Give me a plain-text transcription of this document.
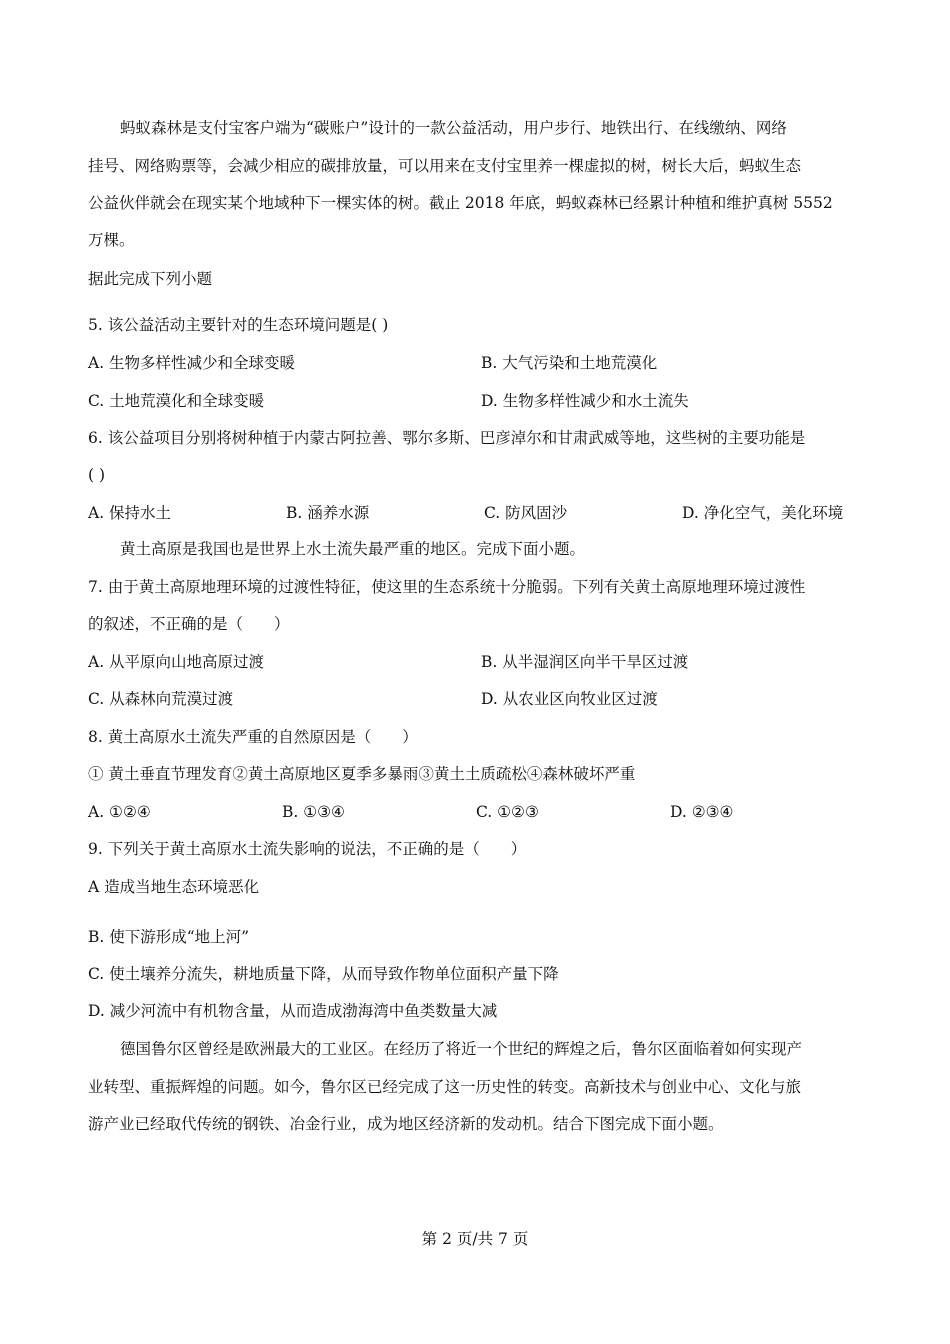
蚂蚁森林是支付宝客户端为“碳账户”设计的一款公益活动，用户步行、地铁出行、在线缴纳、网络
挂号、网络购票等，会减少相应的碳排放量，可以用来在支付宝里养一棵虚拟的树，树长大后，蚂蚁生态
公益伙伴就会在现实某个地域种下一棵实体的树。截止 2018 年底，蚂蚁森林已经累计种植和维护真树 5552
万棵。
据此完成下列小题
5. 该公益活动主要针对的生态环境问题是( )
A. 生物多样性减少和全球变暖	B. 大气污染和土地荒漠化
C. 土地荒漠化和全球变暖	D. 生物多样性减少和水土流失
6. 该公益项目分别将树种植于内蒙古阿拉善、鄂尔多斯、巴彦淖尔和甘肃武威等地，这些树的主要功能是
( )
A. 保持水土	B. 涵养水源	C. 防风固沙	D. 净化空气，美化环境
黄土高原是我国也是世界上水土流失最严重的地区。完成下面小题。
7. 由于黄土高原地理环境的过渡性特征，使这里的生态系统十分脆弱。下列有关黄土高原地理环境过渡性
的叙述，不正确的是（　　）
A. 从平原向山地高原过渡	B. 从半湿润区向半干旱区过渡
C. 从森林向荒漠过渡	D. 从农业区向牧业区过渡
8. 黄土高原水土流失严重的自然原因是（　　）
① 黄土垂直节理发育②黄土高原地区夏季多暴雨③黄土土质疏松④森林破坏严重
A. ①②④	B. ①③④	C. ①②③	D. ②③④
9. 下列关于黄土高原水土流失影响的说法，不正确的是（　　）
A 造成当地生态环境恶化
B. 使下游形成“地上河”
C. 使土壤养分流失，耕地质量下降，从而导致作物单位面积产量下降
D. 减少河流中有机物含量，从而造成渤海湾中鱼类数量大减
德国鲁尔区曾经是欧洲最大的工业区。在经历了将近一个世纪的辉煌之后，鲁尔区面临着如何实现产
业转型、重振辉煌的问题。如今，鲁尔区已经完成了这一历史性的转变。高新技术与创业中心、文化与旅
游产业已经取代传统的钢铁、冶金行业，成为地区经济新的发动机。结合下图完成下面小题。
第 2 页/共 7 页
